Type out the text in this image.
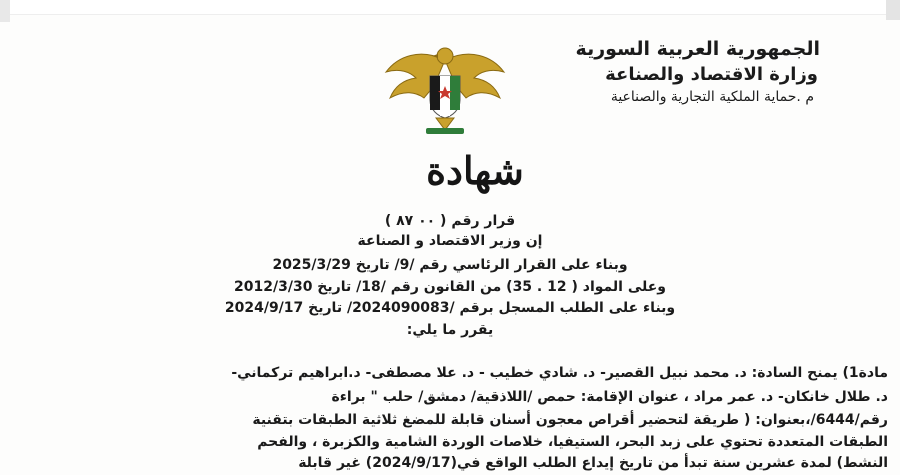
الجمهورية العربية السورية
وزارة الاقتصاد والصناعة
م .حماية الملكية التجارية والصناعية
شهادة
قرار رقم ( ٠٠ ٨٧ )
إن وزير الاقتصاد و الصناعة
وبناء على القرار الرئاسي رقم /9/ تاريخ 2025/3/29
وعلى المواد ( 12 . 35) من القانون رقم /18/ تاريخ 2012/3/30
وبناء على الطلب المسجل برقم /2024090083/ تاريخ 2024/9/17
يقرر ما يلي:
مادة1) يمنح السادة: د. محمد نبيل القصير- د. شادي خطيب - د. علا مصطفى- د.ابراهيم تركماني-
د. طلال خانكان- د. عمر مراد ، عنوان الإقامة: حمص /اللاذقية/ دمشق/ حلب " براءة
رقم/6444/،بعنوان: ( طريقة لتحضير أقراص معجون أسنان قابلة للمضغ ثلاثية الطبقات بتقنية
الطبقات المتعددة تحتوي على زبد البحر، الستيفيا، خلاصات الوردة الشامية والكزبرة ، والفحم
النشط) لمدة عشرين سنة تبدأ من تاريخ إيداع الطلب الواقع في(2024/9/17) غير قابلة
